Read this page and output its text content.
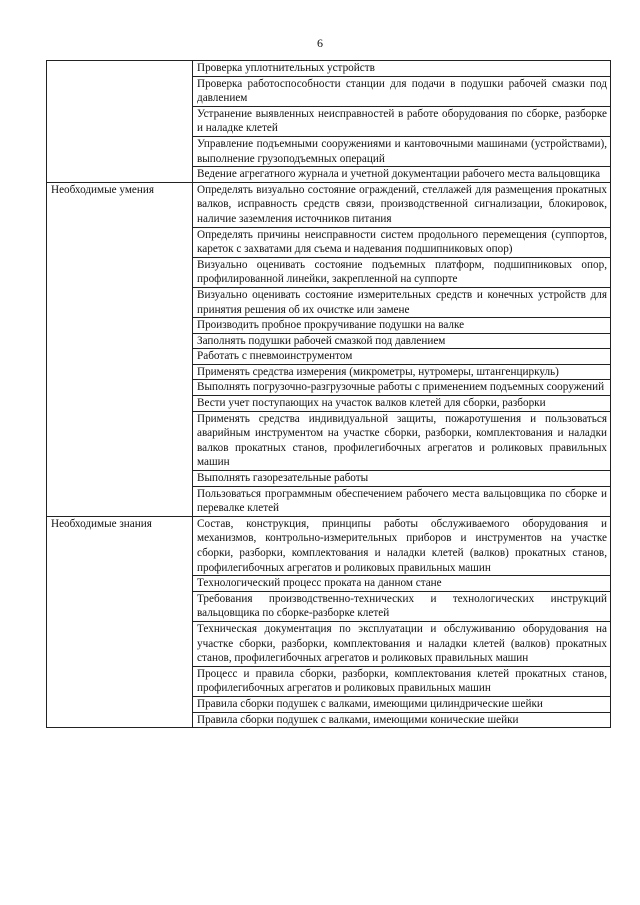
6
	Проверка уплотнительных устройств
	Проверка работоспособности станции для подачи в подушки рабочей смазки под давлением
	Устранение выявленных неисправностей в работе оборудования по сборке, разборке и наладке клетей
	Управление подъемными сооружениями и кантовочными машинами (устройствами), выполнение грузоподъемных операций
	Ведение агрегатного журнала и учетной документации рабочего места вальцовщика
Необходимые умения	Определять визуально состояние ограждений, стеллажей для размещения прокатных валков, исправность средств связи, производственной сигнализации, блокировок, наличие заземления источников питания
	Определять причины неисправности систем продольного перемещения (суппортов, кареток с захватами для съема и надевания подшипниковых опор)
	Визуально оценивать состояние подъемных платформ, подшипниковых опор, профилированной линейки, закрепленной на суппорте
	Визуально оценивать состояние измерительных средств и конечных устройств для принятия решения об их очистке или замене
	Производить пробное прокручивание подушки на валке
	Заполнять подушки рабочей смазкой под давлением
	Работать с пневмоинструментом
	Применять средства измерения (микрометры, нутромеры, штангенциркуль)
	Выполнять погрузочно-разгрузочные работы с применением подъемных сооружений
	Вести учет поступающих на участок валков клетей для сборки, разборки
	Применять средства индивидуальной защиты, пожаротушения и пользоваться аварийным инструментом на участке сборки, разборки, комплектования и наладки валков прокатных станов, профилегибочных агрегатов и роликовых правильных машин
	Выполнять газорезательные работы
	Пользоваться программным обеспечением рабочего места вальцовщика по сборке и перевалке клетей
Необходимые знания	Состав, конструкция, принципы работы обслуживаемого оборудования и механизмов, контрольно-измерительных приборов и инструментов на участке сборки, разборки, комплектования и наладки клетей (валков) прокатных станов, профилегибочных агрегатов и роликовых правильных машин
	Технологический процесс проката на данном стане
	Требования производственно-технических и технологических инструкций вальцовщика по сборке-разборке клетей
	Техническая документация по эксплуатации и обслуживанию оборудования на участке сборки, разборки, комплектования и наладки клетей (валков) прокатных станов, профилегибочных агрегатов и роликовых правильных машин
	Процесс и правила сборки, разборки, комплектования клетей прокатных станов, профилегибочных агрегатов и роликовых правильных машин
	Правила сборки подушек с валками, имеющими цилиндрические шейки
	Правила сборки подушек с валками, имеющими конические шейки
